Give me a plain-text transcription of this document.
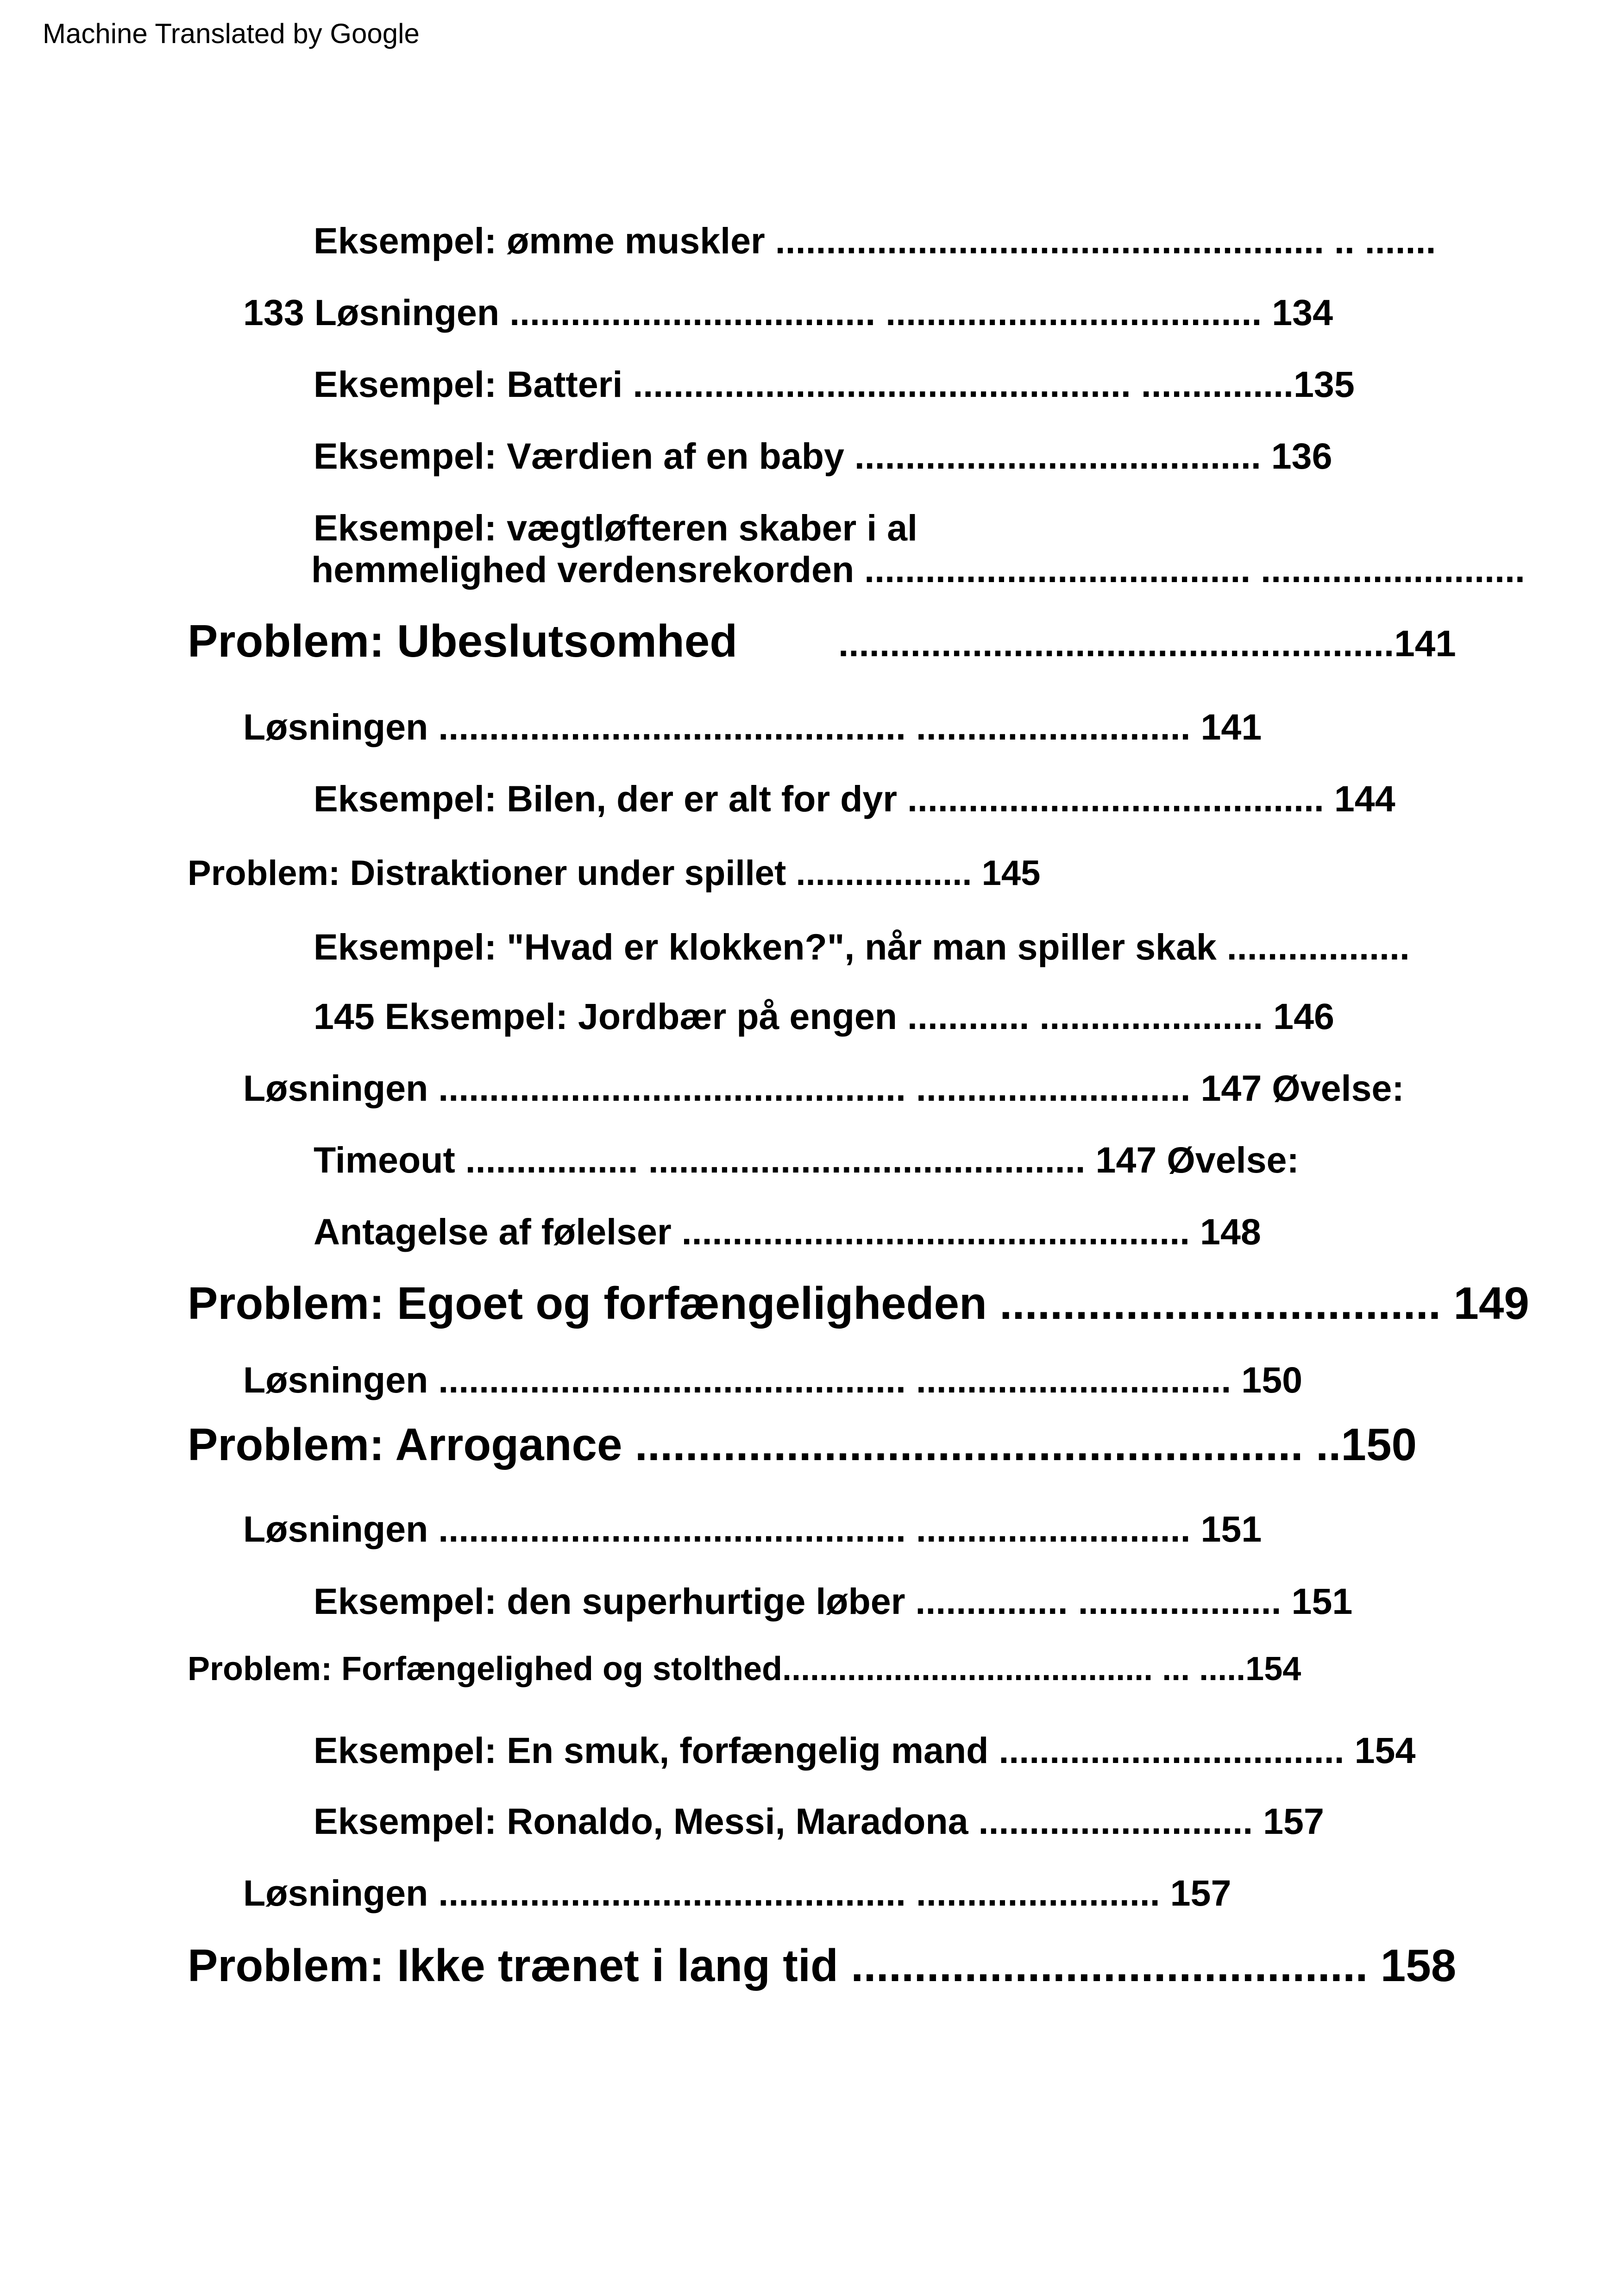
Machine Translated by Google
Eksempel: ømme muskler ...................................................... .. .......
133 Løsningen .................................... ..................................... 134
Eksempel: Batteri ................................................. ...............135
Eksempel: Værdien af en baby ........................................ 136
Eksempel: vægtløfteren skaber i al
hemmelighed verdensrekorden ...................................... ..........................
Problem: Ubeslutsomhed	......................................................141
Løsningen .............................................. ........................... 141
Eksempel: Bilen, der er alt for dyr ......................................... 144
Problem: Distraktioner under spillet .................. 145
Eksempel: "Hvad er klokken?", når man spiller skak ..................
145 Eksempel: Jordbær på engen ............ ...................... 146
Løsningen .............................................. ........................... 147 Øvelse:
Timeout ................. ........................................... 147 Øvelse:
Antagelse af følelser .................................................. 148
Problem: Egoet og forfængeligheden ................................... 149
Løsningen .............................................. ............................... 150
Problem: Arrogance ..................................................... ..150
Løsningen .............................................. ........................... 151
Eksempel: den superhurtige løber ............... .................... 151
Problem: Forfængelighed og stolthed........................................ ... .....154
Eksempel: En smuk, forfængelig mand .................................. 154
Eksempel: Ronaldo, Messi, Maradona ........................... 157
Løsningen .............................................. ........................ 157
Problem: Ikke trænet i lang tid ......................................... 158
